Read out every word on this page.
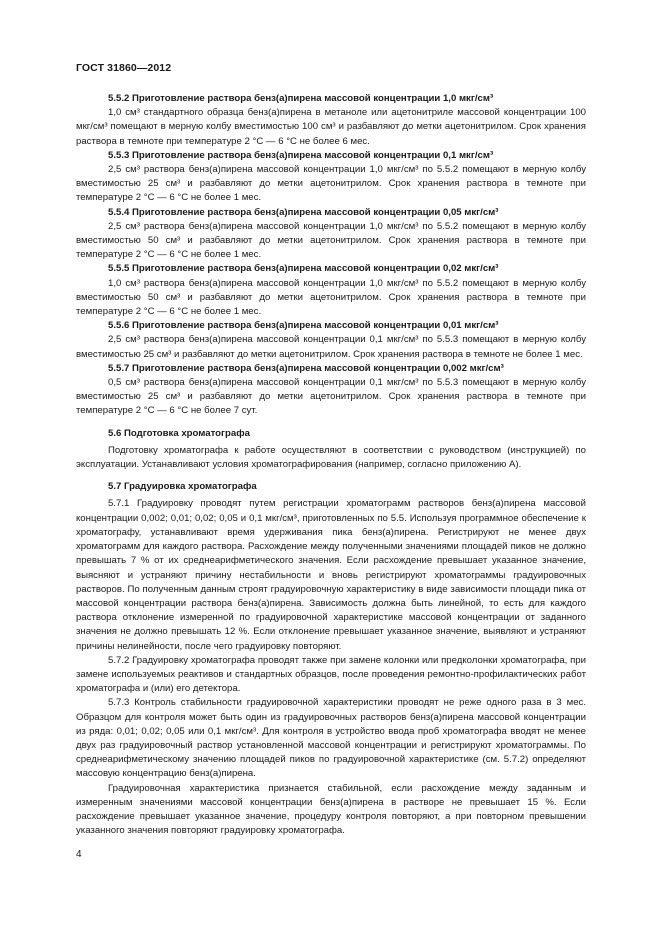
ГОСТ 31860—2012

5.5.2 Приготовление раствора бенз(а)пирена массовой концентрации 1,0 мкг/см³

1,0 см³ стандартного образца бенз(а)пирена в метаноле или ацетонитриле массовой концентрации 100 мкг/см³ помещают в мерную колбу вместимостью 100 см³ и разбавляют до метки ацетонитрилом. Срок хранения раствора в темноте при температуре 2 °С — 6 °С не более 6 мес.

5.5.3 Приготовление раствора бенз(а)пирена массовой концентрации 0,1 мкг/см³

2,5 см³ раствора бенз(а)пирена массовой концентрации 1,0 мкг/см³ по 5.5.2 помещают в мерную колбу вместимостью 25 см³ и разбавляют до метки ацетонитрилом. Срок хранения раствора в темноте при температуре 2 °С — 6 °С не более 1 мес.

5.5.4 Приготовление раствора бенз(а)пирена массовой концентрации 0,05 мкг/см³

2,5 см³ раствора бенз(а)пирена массовой концентрации 1,0 мкг/см³ по 5.5.2 помещают в мерную колбу вместимостью 50 см³ и разбавляют до метки ацетонитрилом. Срок хранения раствора в темноте при температуре 2 °С — 6 °С не более 1 мес.

5.5.5 Приготовление раствора бенз(а)пирена массовой концентрации 0,02 мкг/см³

1,0 см³ раствора бенз(а)пирена массовой концентрации 1,0 мкг/см³ по 5.5.2 помещают в мерную колбу вместимостью 50 см³ и разбавляют до метки ацетонитрилом. Срок хранения раствора в темноте при температуре 2 °С — 6 °С не более 1 мес.

5.5.6 Приготовление раствора бенз(а)пирена массовой концентрации 0,01 мкг/см³

2,5 см³ раствора бенз(а)пирена массовой концентрации 0,1 мкг/см³ по 5.5.3 помещают в мерную колбу вместимостью 25 см³ и разбавляют до метки ацетонитрилом. Срок хранения раствора в темноте не более 1 мес.

5.5.7 Приготовление раствора бенз(а)пирена массовой концентрации 0,002 мкг/см³

0,5 см³ раствора бенз(а)пирена массовой концентрации 0,1 мкг/см³ по 5.5.3 помещают в мерную колбу вместимостью 25 см³ и разбавляют до метки ацетонитрилом. Срок хранения раствора в темноте при температуре 2 °С — 6 °С не более 7 сут.

5.6 Подготовка хроматографа

Подготовку хроматографа к работе осуществляют в соответствии с руководством (инструкцией) по эксплуатации. Устанавливают условия хроматографирования (например, согласно приложению А).

5.7 Градуировка хроматографа

5.7.1 Градуировку проводят путем регистрации хроматограмм растворов бенз(а)пирена массовой концентрации 0,002; 0,01; 0,02; 0,05 и 0,1 мкг/см³, приготовленных по 5.5. Используя программное обеспечение к хроматографу, устанавливают время удерживания пика бенз(а)пирена. Регистрируют не менее двух хроматограмм для каждого раствора. Расхождение между полученными значениями площадей пиков не должно превышать 7 % от их среднеарифметического значения. Если расхождение превышает указанное значение, выясняют и устраняют причину нестабильности и вновь регистрируют хроматограммы градуировочных растворов. По полученным данным строят градуировочную характеристику в виде зависимости площади пика от массовой концентрации раствора бенз(а)пирена. Зависимость должна быть линейной, то есть для каждого раствора отклонение измеренной по градуировочной характеристике массовой концентрации от заданного значения не должно превышать 12 %. Если отклонение превышает указанное значение, выявляют и устраняют причины нелинейности, после чего градуировку повторяют.

5.7.2 Градуировку хроматографа проводят также при замене колонки или предколонки хроматографа, при замене используемых реактивов и стандартных образцов, после проведения ремонтно-профилактических работ хроматографа и (или) его детектора.

5.7.3 Контроль стабильности градуировочной характеристики проводят не реже одного раза в 3 мес. Образцом для контроля может быть один из градуировочных растворов бенз(а)пирена массовой концентрации из ряда: 0,01; 0,02; 0,05 или 0,1 мкг/см³. Для контроля в устройство ввода проб хроматографа вводят не менее двух раз градуировочный раствор установленной массовой концентрации и регистрируют хроматограммы. По среднеарифметическому значению площадей пиков по градуировочной характеристике (см. 5.7.2) определяют массовую концентрацию бенз(а)пирена.

Градуировочная характеристика признается стабильной, если расхождение между заданным и измеренным значениями массовой концентрации бенз(а)пирена в растворе не превышает 15 %. Если расхождение превышает указанное значение, процедуру контроля повторяют, а при повторном превышении указанного значения повторяют градуировку хроматографа.

4
